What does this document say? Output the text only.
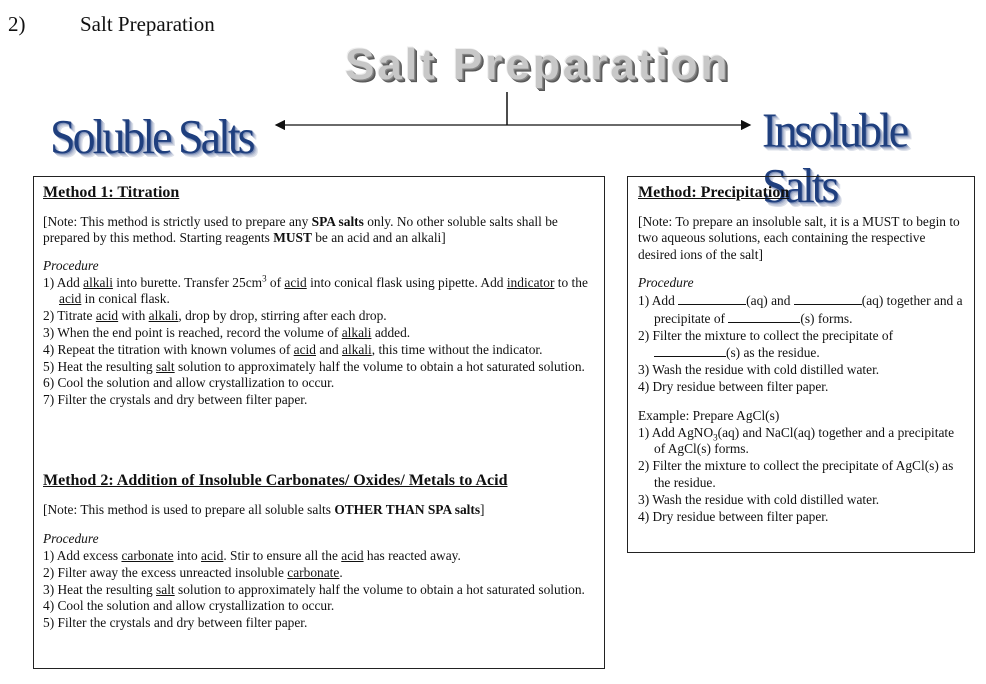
2)	Salt Preparation
Salt Preparation
Soluble Salts	Insoluble Salts
Method 1: Titration
[Note: This method is strictly used to prepare any SPA salts only. No other soluble salts shall be prepared by this method. Starting reagents MUST be an acid and an alkali]
Procedure
1) Add alkali into burette. Transfer $25cm^3$ of acid into conical flask using pipette. Add indicator to the acid in conical flask.
2) Titrate acid with alkali, drop by drop, stirring after each drop.
3) When the end point is reached, record the volume of alkali added.
4) Repeat the titration with known volumes of acid and alkali, this time without the indicator.
5) Heat the resulting salt solution to approximately half the volume to obtain a hot saturated solution.
6) Cool the solution and allow crystallization to occur.
7) Filter the crystals and dry between filter paper.
Method 2: Addition of Insoluble Carbonates/ Oxides/ Metals to Acid
[Note: This method is used to prepare all soluble salts OTHER THAN SPA salts]
Procedure
1) Add excess carbonate into acid. Stir to ensure all the acid has reacted away.
2) Filter away the excess unreacted insoluble carbonate.
3) Heat the resulting salt solution to approximately half the volume to obtain a hot saturated solution.
4) Cool the solution and allow crystallization to occur.
5) Filter the crystals and dry between filter paper.
Method: Precipitation
[Note: To prepare an insoluble salt, it is a MUST to begin to two aqueous solutions, each containing the respective desired ions of the salt]
Procedure
1) Add	(aq) and	(aq) together and a precipitate of	(s) forms.
2) Filter the mixture to collect the precipitate of (s) as the residue.
3) Wash the residue with cold distilled water.
4) Dry residue between filter paper.
Example: Prepare AgCl(s)
1) Add AgNO$_3$(aq) and NaCl(aq) together and a precipitate of AgCl(s) forms.
2) Filter the mixture to collect the precipitate of AgCl(s) as the residue.
3) Wash the residue with cold distilled water.
4) Dry residue between filter paper.
